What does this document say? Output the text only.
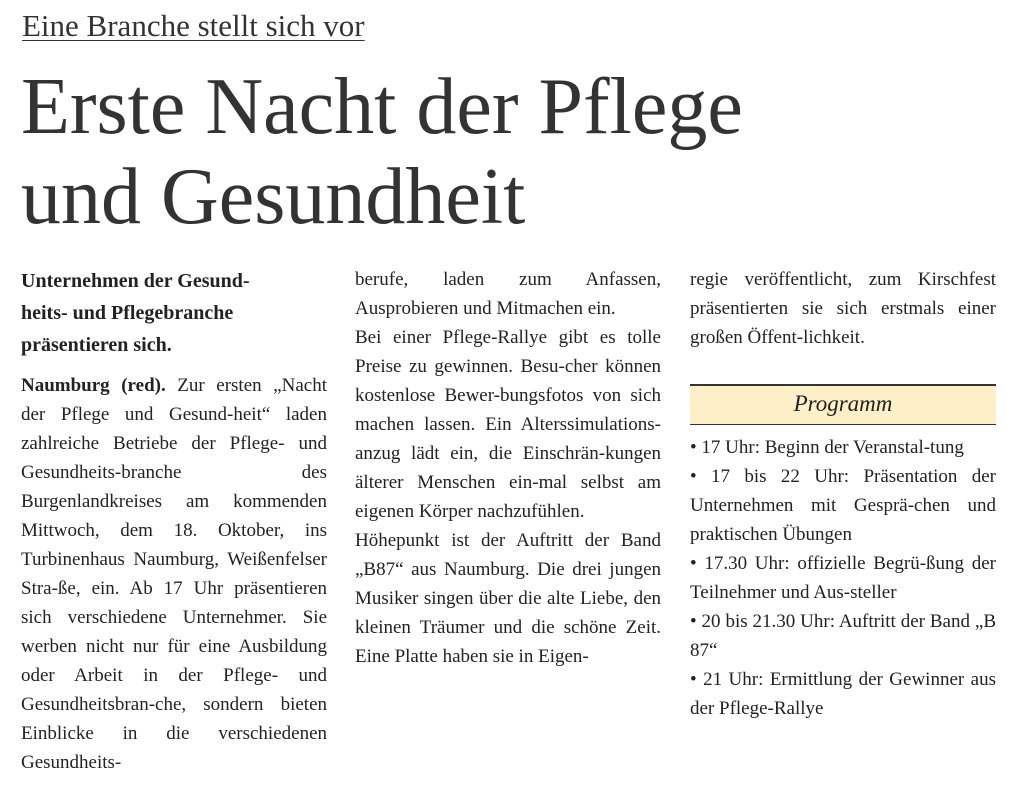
Eine Branche stellt sich vor
Erste Nacht der Pflege
und Gesundheit

Unternehmen der Gesund-
heits- und Pflegebranche
präsentieren sich.

Naumburg (red). Zur ersten „Nacht der Pflege und Gesund-heit“ laden zahlreiche Betriebe der Pflege- und Gesundheits-branche des Burgenlandkreises am kommenden Mittwoch, dem 18. Oktober, ins Turbinenhaus Naumburg, Weißenfelser Stra-ße, ein. Ab 17 Uhr präsentieren sich verschiedene Unternehmer. Sie werben nicht nur für eine Ausbildung oder Arbeit in der Pflege- und Gesundheitsbran-che, sondern bieten Einblicke in die verschiedenen Gesundheits-

berufe, laden zum Anfassen, Ausprobieren und Mitmachen ein.

Bei einer Pflege-Rallye gibt es tolle Preise zu gewinnen. Besu-cher können kostenlose Bewer-bungsfotos von sich machen lassen. Ein Alterssimulations-anzug lädt ein, die Einschrän-kungen älterer Menschen ein-mal selbst am eigenen Körper nachzufühlen.

Höhepunkt ist der Auftritt der Band „B87“ aus Naumburg. Die drei jungen Musiker singen über die alte Liebe, den kleinen Träumer und die schöne Zeit. Eine Platte haben sie in Eigen-

regie veröffentlicht, zum Kirschfest präsentierten sie sich erstmals einer großen Öffent-lichkeit.

Programm
• 17 Uhr: Beginn der Veranstal-tung
• 17 bis 22 Uhr: Präsentation der Unternehmen mit Gesprä-chen und praktischen Übungen
• 17.30 Uhr: offizielle Begrü-ßung der Teilnehmer und Aus-steller
• 20 bis 21.30 Uhr: Auftritt der Band „B 87“
• 21 Uhr: Ermittlung der Gewinner aus der Pflege-Rallye
